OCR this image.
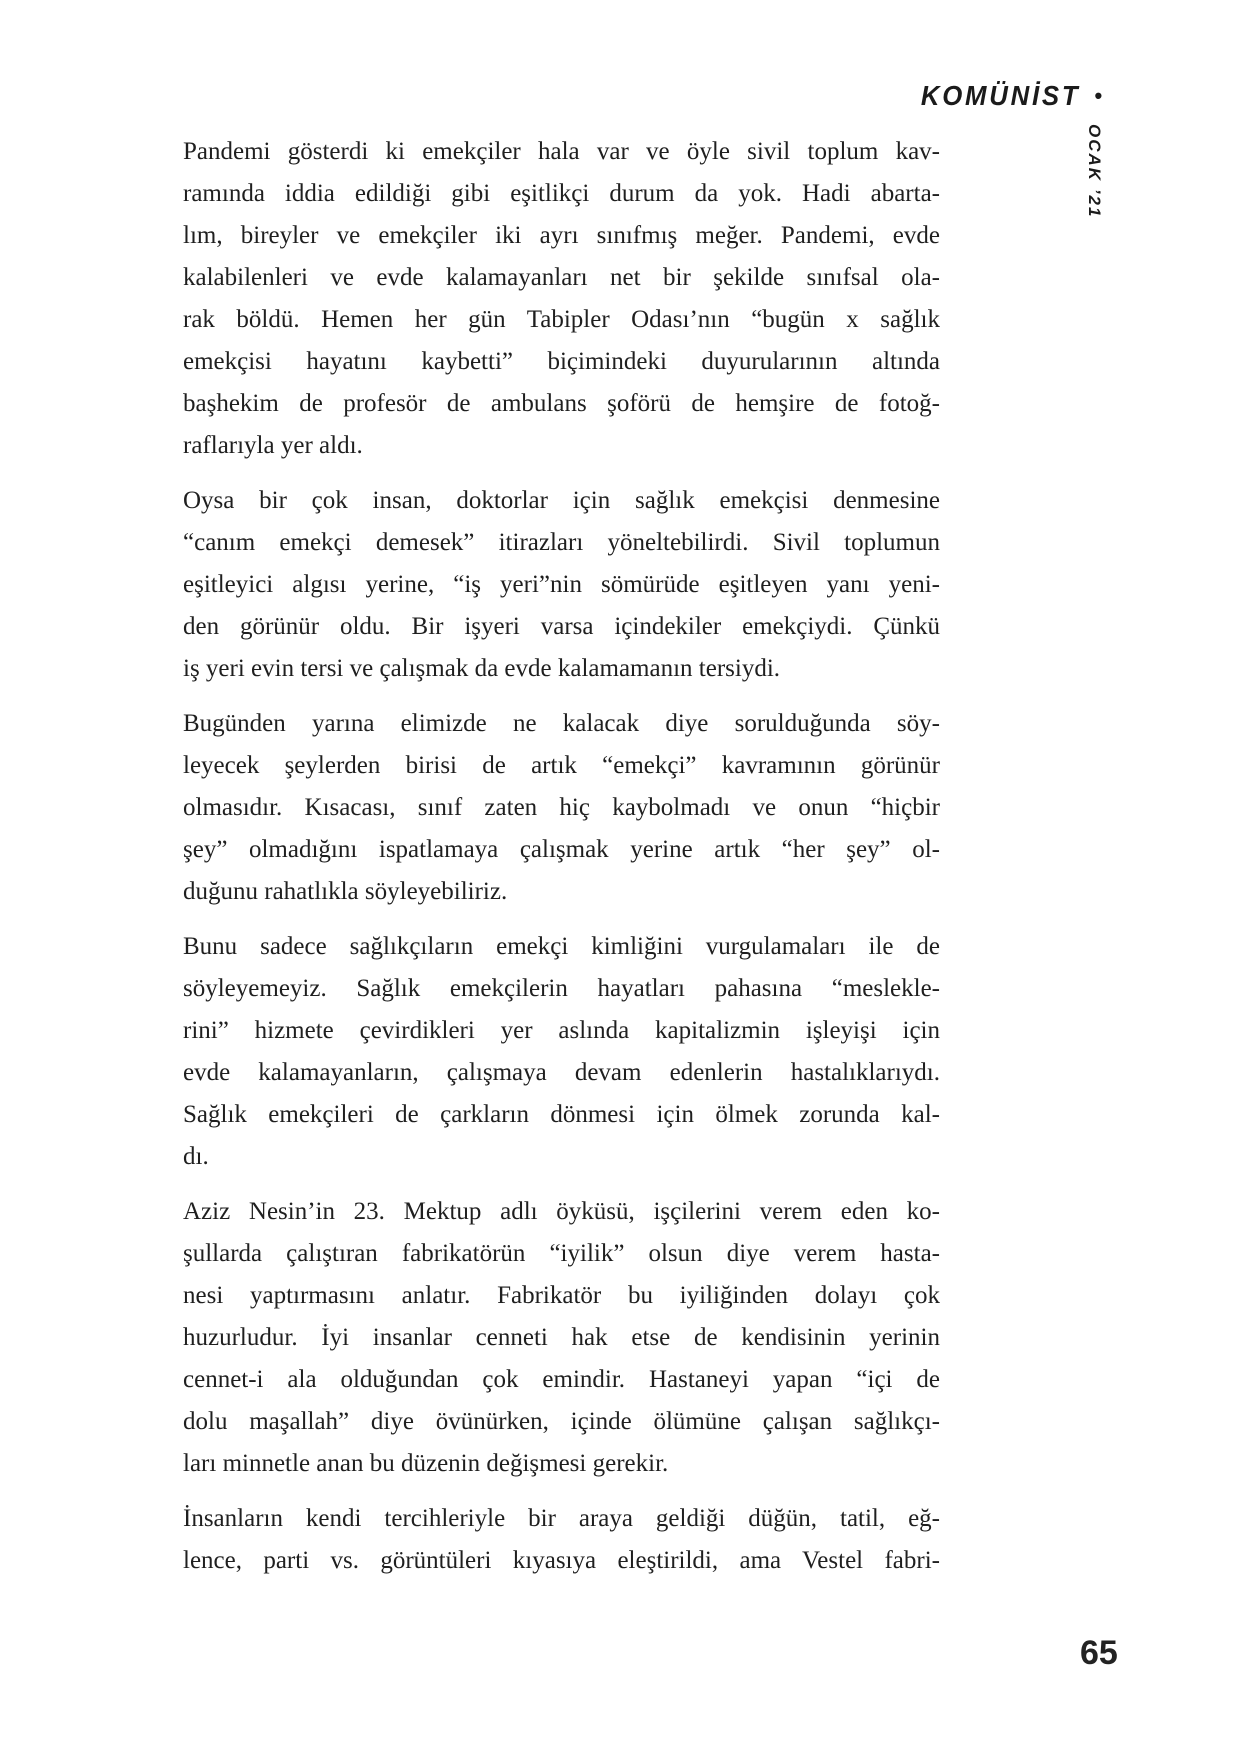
KOMÜNİST •
OCAK ’21
Pandemi gösterdi ki emekçiler hala var ve öyle sivil toplum kav-
ramında iddia edildiği gibi eşitlikçi durum da yok. Hadi abarta-
lım, bireyler ve emekçiler iki ayrı sınıfmış meğer. Pandemi, evde
kalabilenleri ve evde kalamayanları net bir şekilde sınıfsal ola-
rak böldü. Hemen her gün Tabipler Odası’nın “bugün x sağlık
emekçisi hayatını kaybetti” biçimindeki duyurularının altında
başhekim de profesör de ambulans şoförü de hemşire de fotoğ-
raflarıyla yer aldı.
Oysa bir çok insan, doktorlar için sağlık emekçisi denmesine
“canım emekçi demesek” itirazları yöneltebilirdi. Sivil toplumun
eşitleyici algısı yerine, “iş yeri”nin sömürüde eşitleyen yanı yeni-
den görünür oldu. Bir işyeri varsa içindekiler emekçiydi. Çünkü
iş yeri evin tersi ve çalışmak da evde kalamamanın tersiydi.
Bugünden yarına elimizde ne kalacak diye sorulduğunda söy-
leyecek şeylerden birisi de artık “emekçi” kavramının görünür
olmasıdır. Kısacası, sınıf zaten hiç kaybolmadı ve onun “hiçbir
şey” olmadığını ispatlamaya çalışmak yerine artık “her şey” ol-
duğunu rahatlıkla söyleyebiliriz.
Bunu sadece sağlıkçıların emekçi kimliğini vurgulamaları ile de
söyleyemeyiz. Sağlık emekçilerin hayatları pahasına “meslekle-
rini” hizmete çevirdikleri yer aslında kapitalizmin işleyişi için
evde kalamayanların, çalışmaya devam edenlerin hastalıklarıydı.
Sağlık emekçileri de çarkların dönmesi için ölmek zorunda kal-
dı.
Aziz Nesin’in 23. Mektup adlı öyküsü, işçilerini verem eden ko-
şullarda çalıştıran fabrikatörün “iyilik” olsun diye verem hasta-
nesi yaptırmasını anlatır. Fabrikatör bu iyiliğinden dolayı çok
huzurludur. İyi insanlar cenneti hak etse de kendisinin yerinin
cennet-i ala olduğundan çok emindir. Hastaneyi yapan “içi de
dolu maşallah” diye övünürken, içinde ölümüne çalışan sağlıkçı-
ları minnetle anan bu düzenin değişmesi gerekir.
İnsanların kendi tercihleriyle bir araya geldiği düğün, tatil, eğ-
lence, parti vs. görüntüleri kıyasıya eleştirildi, ama Vestel fabri-
65
